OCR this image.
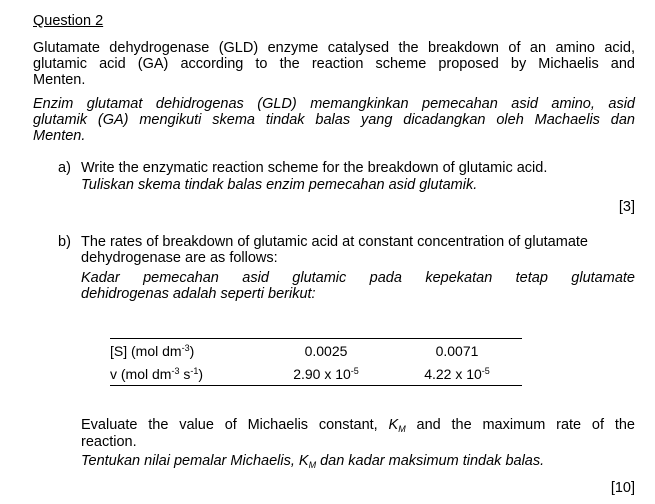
Question 2
Glutamate dehydrogenase (GLD) enzyme catalysed the breakdown of an amino acid,
glutamic acid (GA) according to the reaction scheme proposed by Michaelis and
Menten.
Enzim glutamat dehidrogenas (GLD) memangkinkan pemecahan asid amino, asid
glutamik (GA) mengikuti skema tindak balas yang dicadangkan oleh Machaelis dan
Menten.
a) Write the enzymatic reaction scheme for the breakdown of glutamic acid.
Tuliskan skema tindak balas enzim pemecahan asid glutamik.
[3]
b) The rates of breakdown of glutamic acid at constant concentration of glutamate
dehydrogenase are as follows:
Kadar pemecahan asid glutamic pada kepekatan tetap glutamate
dehidrogenas adalah seperti berikut:
[S] (mol $dm^{-3}$)	0.0025	0.0071
v (mol $dm^{-3}$ $s^{-1}$)	2.90 x $10^{-5}$	4.22 x $10^{-5}$
Evaluate the value of Michaelis constant, $K_M$ and the maximum rate of the
reaction.
Tentukan nilai pemalar Michaelis, $K_M$ dan kadar maksimum tindak balas.
[10]
